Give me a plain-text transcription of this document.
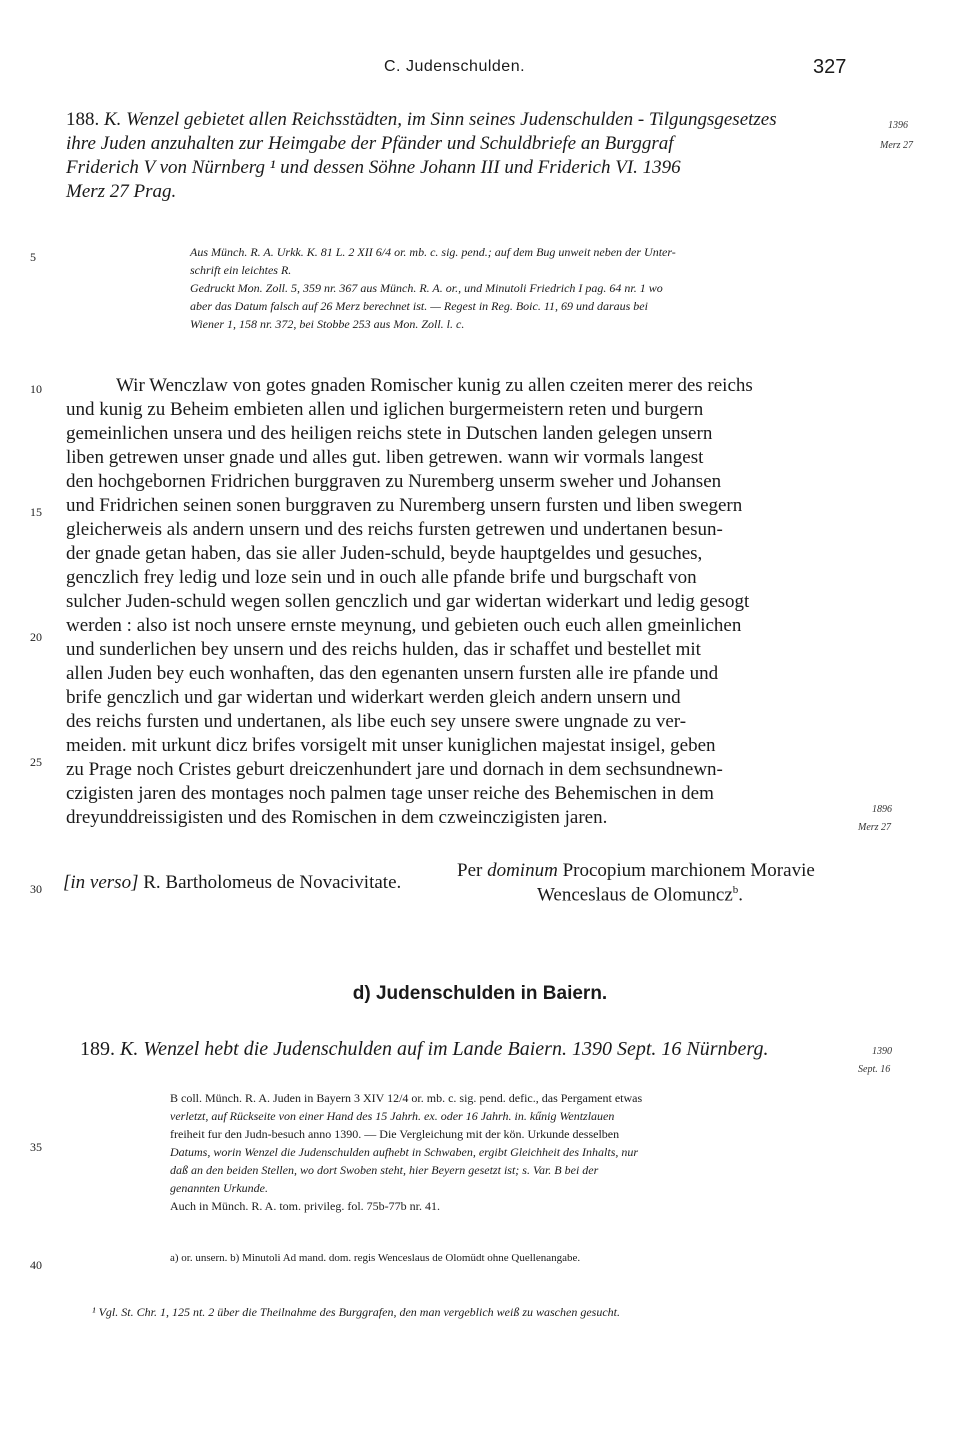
C. Judenschulden.	327
188. K. Wenzel gebietet allen Reichsstädten, im Sinn seines Judenschulden - Tilgungsgesetzes
ihre Juden anzuhalten zur Heimgabe der Pfänder und Schuldbriefe an Burggraf
Friderich V von Nürnberg ¹ und dessen Söhne Johann III und Friderich VI. 1396
Merz 27 Prag.
1396
Merz 27
Aus Münch. R. A. Urkk. K. 81 L. 2 XII 6/4 or. mb. c. sig. pend.; auf dem Bug unweit neben der Unter-
schrift ein leichtes R.
Gedruckt Mon. Zoll. 5, 359 nr. 367 aus Münch. R. A. or., und Minutoli Friedrich I pag. 64 nr. 1 wo
aber das Datum falsch auf 26 Merz berechnet ist. — Regest in Reg. Boic. 11, 69 und daraus bei
Wiener 1, 158 nr. 372, bei Stobbe 253 aus Mon. Zoll. l. c.
5
10
15
20
25
30
Wir Wenczlaw von gotes gnaden Romischer kunig zu allen czeiten merer des reichs
und kunig zu Beheim embieten allen und iglichen burgermeistern reten und burgern
gemeinlichen unsera und des heiligen reichs stete in Dutschen landen gelegen unsern
liben getrewen unser gnade und alles gut. liben getrewen. wann wir vormals langest
den hochgebornen Fridrichen burggraven zu Nuremberg unserm sweher und Johansen
und Fridrichen seinen sonen burggraven zu Nuremberg unsern fursten und liben swegern
gleicherweis als andern unsern und des reichs fursten getrewen und undertanen besun-
der gnade getan haben, das sie aller Juden-schuld, beyde hauptgeldes und gesuches,
genczlich frey ledig und loze sein und in ouch alle pfande brife und burgschaft von
sulcher Juden-schuld wegen sollen genczlich und gar widertan widerkart und ledig gesogt
werden : also ist noch unsere ernste meynung, und gebieten ouch euch allen gmeinlichen
und sunderlichen bey unsern und des reichs hulden, das ir schaffet und bestellet mit
allen Juden bey euch wonhaften, das den egenanten unsern fursten alle ire pfande und
brife genczlich und gar widertan und widerkart werden gleich andern unsern und
des reichs fursten und undertanen, als libe euch sey unsere swere ungnade zu ver-
meiden. mit urkunt dicz brifes vorsigelt mit unser kuniglichen majestat insigel, geben
zu Prage noch Cristes geburt dreiczenhundert jare und dornach in dem sechsundnewn-
czigisten jaren des montages noch palmen tage unser reiche des Behemischen in dem
dreyunddreissigisten und des Romischen in dem czweinczigisten jaren.	1896
Merz 27
[in verso] R. Bartholomeus de Novacivitate.
Per dominum Procopium marchionem Moravie
Wenceslaus de Olomuncz$^b$.
d) Judenschulden in Baiern.
189. K. Wenzel hebt die Judenschulden auf im Lande Baiern. 1390 Sept. 16 Nürnberg.	1390
Sept. 16
B coll. Münch. R. A. Juden in Bayern 3 XIV 12/4 or. mb. c. sig. pend. defic., das Pergament etwas
verletzt, auf Rückseite von einer Hand des 15 Jahrh. ex. oder 16 Jahrh. in. kűnig Wentzlauen
freiheit fur den Judn-besuch anno 1390. — Die Vergleichung mit der kön. Urkunde desselben
Datums, worin Wenzel die Judenschulden aufhebt in Schwaben, ergibt Gleichheit des Inhalts, nur
daß an den beiden Stellen, wo dort Swoben steht, hier Beyern gesetzt ist; s. Var. B bei der
genannten Urkunde.
Auch in Münch. R. A. tom. privileg. fol. 75b-77b nr. 41.
35
40	a) or. unsern. b) Minutoli Ad mand. dom. regis Wenceslaus de Olomüdt ohne Quellenangabe.
¹ Vgl. St. Chr. 1, 125 nt. 2 über die Theilnahme des Burggrafen, den man vergeblich weiß zu waschen gesucht.
